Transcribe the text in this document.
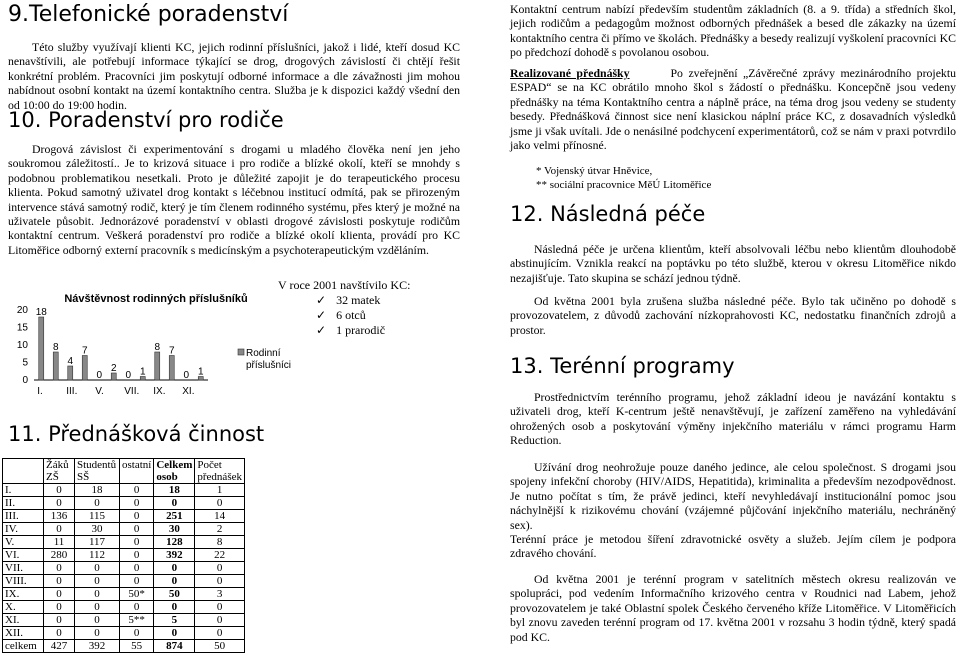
9.Telefonické poradenství
Této služby využívají klienti KC, jejich rodinní příslušníci, jakož i lidé, kteří dosud KC nenavštívili, ale potřebují informace týkající se drog, drogových závislostí či chtějí řešit konkrétní problém. Pracovníci jim poskytují odborné informace a dle závažnosti jim mohou nabídnout osobní kontakt na území kontaktního centra. Služba je k dispozici každý všední den od 10:00 do 19:00 hodin.
10. Poradenství pro rodiče
Drogová závislost či experimentování s drogami u mladého člověka není jen jeho soukromou záležitostí.. Je to krizová situace i pro rodiče a blízké okolí, kteří se mnohdy s podobnou problematikou nesetkali. Proto je důležité zapojit je do terapeutického procesu klienta. Pokud samotný uživatel drog kontakt s léčebnou institucí odmítá, pak se přirozeným intervence stává samotný rodič, který je tím členem rodinného systému, přes který je možné na uživatele působit. Jednorázové poradenství v oblasti drogové závislosti poskytuje rodičům kontaktní centrum. Veškerá poradenství pro rodiče a blízké okolí klienta, provádí pro KC Litoměřice odborný externí pracovník s medicínským a psychoterapeutickým vzděláním.
V roce 2001 navštívilo KC:
✓ 32 matek
✓ 6 otců
✓ 1 prarodič
Návštěvnost rodinných příslušníků
0
5
10
15
20 18
8
4
7
0
2
0 1
8 7
0 1
I. III. V. VII. IX. XI.
Rodinní
příslušníci
11. Přednášková činnost
	Žáků ZŠ	Studentů SŠ	ostatní	Celkem osob	Počet přednášek
I.	0	18	0	18	1
II.	0	0	0	0	0
III.	136	115	0	251	14
IV.	0	30	0	30	2
V.	11	117	0	128	8
VI.	280	112	0	392	22
VII.	0	0	0	0	0
VIII.	0	0	0	0	0
IX.	0	0	50*	50	3
X.	0	0	0	0	0
XI.	0	0	5**	5	0
XII.	0	0	0	0	0
celkem	427	392	55	874	50
Kontaktní centrum nabízí především studentům základních (8. a 9. třída) a středních škol, jejich rodičům a pedagogům možnost odborných přednášek a besed dle zákazky na území kontaktního centra či přímo ve školách. Přednášky a besedy realizují vyškolení pracovníci KC po předchozí dohodě s povolanou osobou.
Realizované přednášky	Po zveřejnění „Závěrečné zprávy mezinárodního projektu ESPAD“ se na KC obrátilo mnoho škol s žádostí o přednášku. Koncepčně jsou vedeny přednášky na téma Kontaktního centra a náplně práce, na téma drog jsou vedeny se studenty besedy. Přednášková činnost sice není klasickou náplní práce KC, z dosavadních výsledků jsme ji však uvítali. Jde o nenásilné podchycení experimentátorů, což se nám v praxi potvrdilo jako velmi přínosné.
* Vojenský útvar Hněvice,
** sociální pracovnice MěÚ Litoměřice
12. Následná péče
Následná péče je určena klientům, kteří absolvovali léčbu nebo klientům dlouhodobě abstinujícím. Vznikla reakcí na poptávku po této službě, kterou v okresu Litoměřice nikdo nezajišťuje. Tato skupina se schází jednou týdně.
Od května 2001 byla zrušena služba následné péče. Bylo tak učiněno po dohodě s provozovatelem, z důvodů zachování nízkoprahovosti KC, nedostatku finančních zdrojů a prostor.
13. Terénní programy
Prostřednictvím terénního programu, jehož základní ideou je navázání kontaktu s uživateli drog, kteří K-centrum ještě nenavštěvují, je zařízení zaměřeno na vyhledávání ohrožených osob a poskytování výměny injekčního materiálu v rámci programu Harm Reduction.
Užívání drog neohrožuje pouze daného jedince, ale celou společnost. S drogami jsou spojeny infekční choroby (HIV/AIDS, Hepatitida), kriminalita a především nezodpovědnost. Je nutno počítat s tím, že právě jedinci, kteří nevyhledávají institucionální pomoc jsou náchylnější k rizikovému chování (vzájemné půjčování injekčního materiálu, nechráněný sex).
Terénní práce je metodou šíření zdravotnické osvěty a služeb. Jejím cílem je podpora zdravého chování.
Od května 2001 je terénní program v satelitních městech okresu realizován ve spolupráci, pod vedením Informačního krizového centra v Roudnici nad Labem, jehož provozovatelem je také Oblastní spolek Českého červeného kříže Litoměřice. V Litoměřicích byl znovu zaveden terénní program od 17. května 2001 v rozsahu 3 hodin týdně, který spadá pod KC.
